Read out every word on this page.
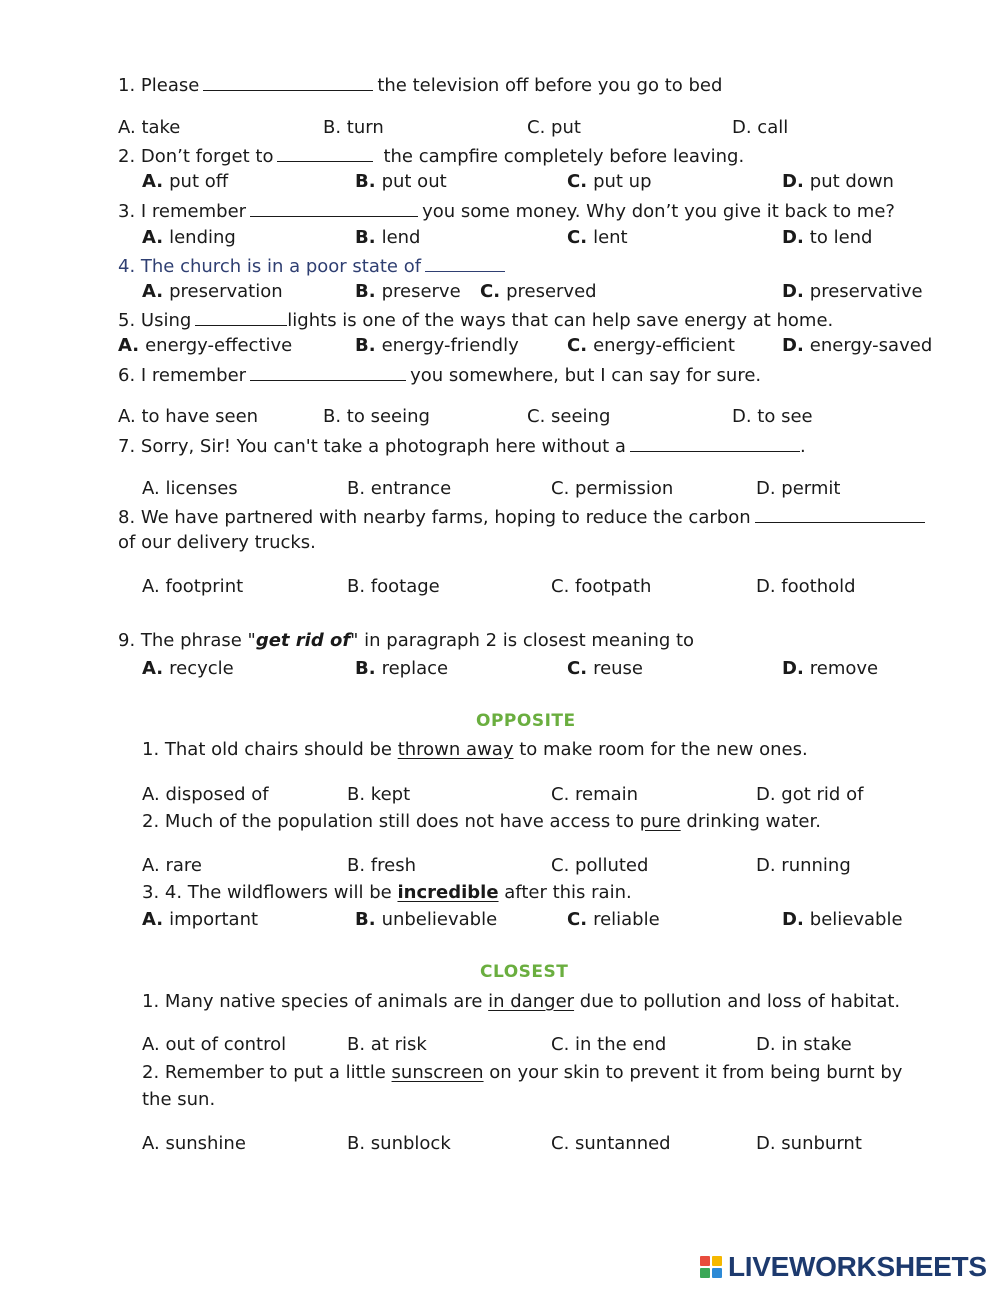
1. Please	the television off before you go to bed
A. take	B. turn	C. put	D. call
2. Don’t forget to	the campfire completely before leaving.
A. put off	B. put out	C. put up	D. put down
3. I remember	you some money. Why don’t you give it back to me?
A. lending	B. lend	C. lent	D. to lend
4. The church is in a poor state of
A. preservation	B. preserve C. preserved	D. preservative
5. Using	lights is one of the ways that can help save energy at home.
A. energy-effective	B. energy-friendly	C. energy-efficient	D. energy-saved
6. I remember	you somewhere, but I can say for sure.
A. to have seen	B. to seeing	C. seeing	D. to see
7. Sorry, Sir! You can't take a photograph here without a	.
A. licenses	B. entrance	C. permission	D. permit
8. We have partnered with nearby farms, hoping to reduce the carbon
of our delivery trucks.
A. footprint	B. footage	C. footpath	D. foothold
9. The phrase "get rid of" in paragraph 2 is closest meaning to
A. recycle	B. replace	C. reuse	D. remove
OPPOSITE
1. That old chairs should be thrown away to make room for the new ones.
A. disposed of	B. kept	C. remain	D. got rid of
2. Much of the population still does not have access to pure drinking water.
A. rare	B. fresh	C. polluted	D. running
3. 4. The wildflowers will be incredible after this rain.
A. important	B. unbelievable	C. reliable	D. believable
CLOSEST
1. Many native species of animals are in danger due to pollution and loss of habitat.
A. out of control	B. at risk	C. in the end	D. in stake
2. Remember to put a little sunscreen on your skin to prevent it from being burnt by
the sun.
A. sunshine	B. sunblock	C. suntanned	D. sunburnt
LIVEWORKSHEETS
